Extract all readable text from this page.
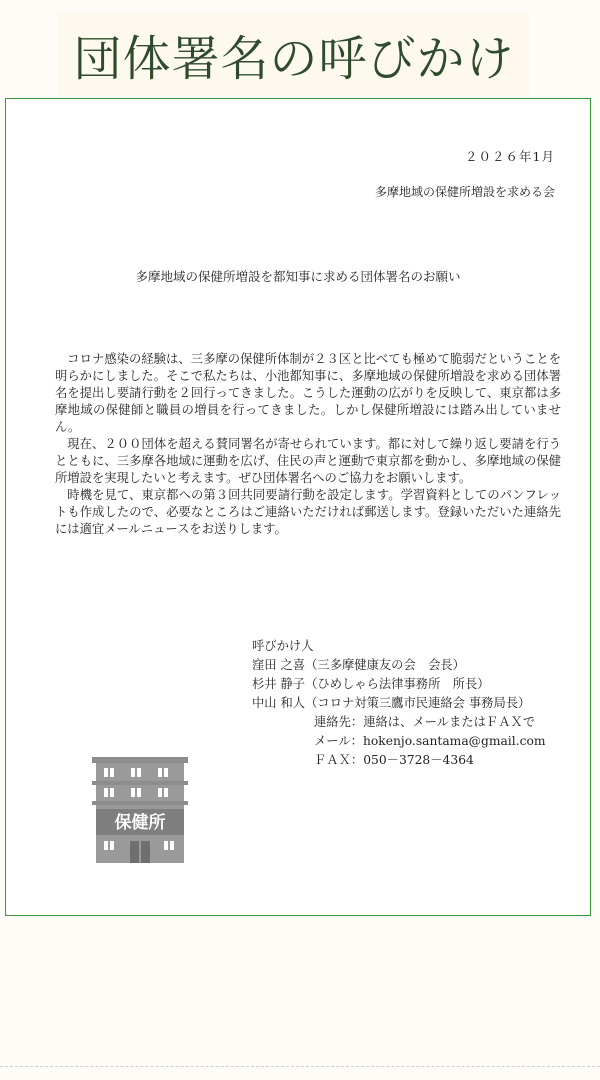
団体署名の呼びかけ
２０２６年1月
多摩地域の保健所増設を求める会
多摩地域の保健所増設を都知事に求める団体署名のお願い

コロナ感染の経験は、三多摩の保健所体制が２３区と比べても極めて脆弱だということを明らかにしました。そこで私たちは、小池都知事に、多摩地域の保健所増設を求める団体署名を提出し要請行動を２回行ってきました。こうした運動の広がりを反映して、東京都は多摩地域の保健師と職員の増員を行ってきました。しかし保健所増設には踏み出していません。

現在、２００団体を超える賛同署名が寄せられています。都に対して繰り返し要請を行うとともに、三多摩各地域に運動を広げ、住民の声と運動で東京都を動かし、多摩地域の保健所増設を実現したいと考えます。ぜひ団体署名へのご協力をお願いします。

時機を見て、東京都への第３回共同要請行動を設定します。学習資料としてのパンフレットも作成したので、必要なところはご連絡いただければ郵送します。登録いただいた連絡先には適宜メールニュースをお送りします。

呼びかけ人
窪田 之喜（三多摩健康友の会　会長）
杉井 静子（ひめしゃら法律事務所　所長）
中山 和人（コロナ対策三鷹市民連絡会 事務局長）
連絡先：連絡は、メールまたはＦＡＸで
メール：hokenjo.santama@gmail.com
ＦＡＸ：050－3728－4364
保健所
